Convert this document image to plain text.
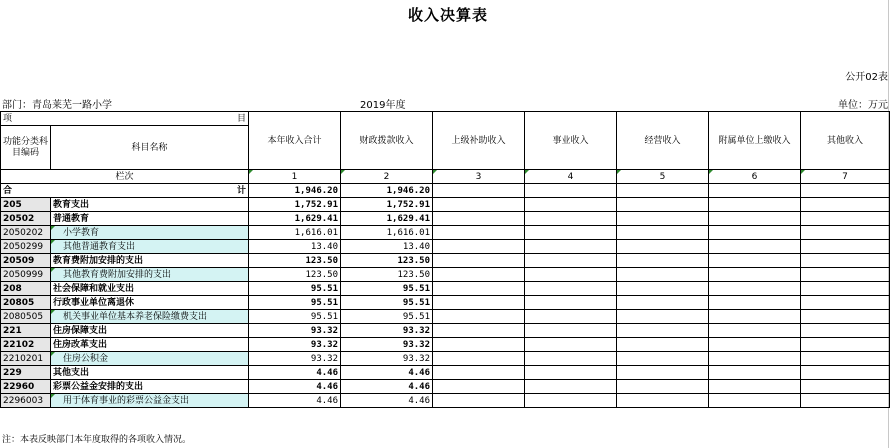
收入决算表
公开02表
部门：青岛莱芜一路小学	2019年度	单位：万元
项 目		本年收入合计	财政拨款收入	上级补助收入	事业收入	经营收入	附属单位上缴收入	其他收入
功能分类科目编码	科目名称							
栏次		1	2	3	4	5	6	7

合 计		1,946.20	1,946.20					
205	教育支出	1,752.91	1,752.91					
20502	普通教育	1,629.41	1,629.41					
2050202	小学教育	1,616.01	1,616.01					
2050299	其他普通教育支出	13.40	13.40					
20509	教育费附加安排的支出	123.50	123.50					
2050999	其他教育费附加安排的支出	123.50	123.50					
208	社会保障和就业支出	95.51	95.51					
20805	行政事业单位离退休	95.51	95.51					
2080505	机关事业单位基本养老保险缴费支出	95.51	95.51					
221	住房保障支出	93.32	93.32					
22102	住房改革支出	93.32	93.32					
2210201	住房公积金	93.32	93.32					
229	其他支出	4.46	4.46					
22960	彩票公益金安排的支出	4.46	4.46					
2296003	用于体育事业的彩票公益金支出	4.46	4.46					
注：本表反映部门本年度取得的各项收入情况。
